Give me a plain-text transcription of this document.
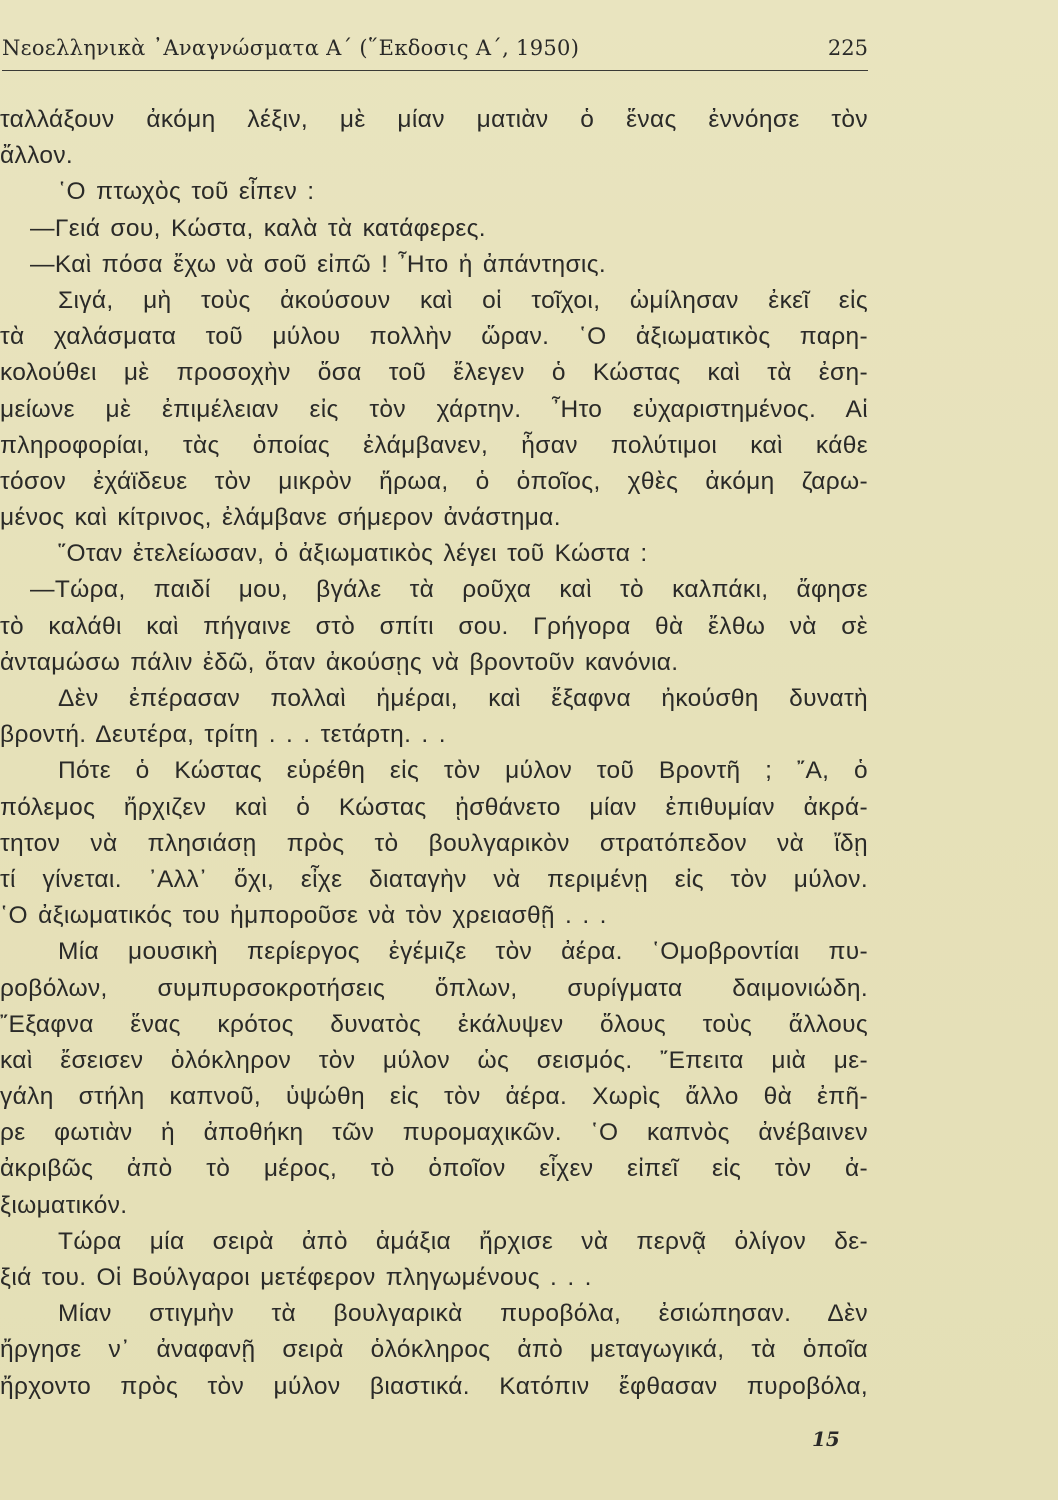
Νεοελληνικὰ ᾿Αναγνώσματα Α΄ (῞Εκδοσις Α΄, 1950)	225
ταλλάξουν ἀκόμη λέξιν, μὲ μίαν ματιὰν ὁ ἕνας ἐννόησε τὸν
ἄλλον.
῾Ο πτωχὸς τοῦ εἶπεν :
—Γειά σου, Κώστα, καλὰ τὰ κατάφερες.
—Καὶ πόσα ἔχω νὰ σοῦ εἰπῶ ! ῏Ητο ἡ ἀπάντησις.
Σιγά, μὴ τοὺς ἀκούσουν καὶ οἱ τοῖχοι, ὡμίλησαν ἐκεῖ εἰς
τὰ χαλάσματα τοῦ μύλου πολλὴν ὥραν. ῾Ο ἀξιωματικὸς παρη-
κολούθει μὲ προσοχὴν ὅσα τοῦ ἔλεγεν ὁ Κώστας καὶ τὰ ἐση-
μείωνε μὲ ἐπιμέλειαν εἰς τὸν χάρτην. ῏Ητο εὐχαριστημένος. Αἱ
πληροφορίαι, τὰς ὁποίας ἐλάμβανεν, ἦσαν πολύτιμοι καὶ κάθε
τόσον ἐχάϊδευε τὸν μικρὸν ἥρωα, ὁ ὁποῖος, χθὲς ἀκόμη ζαρω-
μένος καὶ κίτρινος, ἐλάμβανε σήμερον ἀνάστημα.
῞Οταν ἐτελείωσαν, ὁ ἀξιωματικὸς λέγει τοῦ Κώστα :
—Τώρα, παιδί μου, βγάλε τὰ ροῦχα καὶ τὸ καλπάκι, ἄφησε
τὸ καλάθι καὶ πήγαινε στὸ σπίτι σου. Γρήγορα θὰ ἔλθω νὰ σὲ
ἀνταμώσω πάλιν ἐδῶ, ὅταν ἀκούσῃς νὰ βροντοῦν κανόνια.
Δὲν ἐπέρασαν πολλαὶ ἡμέραι, καὶ ἔξαφνα ἠκούσθη δυνατὴ
βροντή. Δευτέρα, τρίτη . . . τετάρτη. . .
Πότε ὁ Κώστας εὑρέθη εἰς τὸν μύλον τοῦ Βροντῆ ; ῎Α, ὁ
πόλεμος ἤρχιζεν καὶ ὁ Κώστας ᾐσθάνετο μίαν ἐπιθυμίαν ἀκρά-
τητον νὰ πλησιάσῃ πρὸς τὸ βουλγαρικὸν στρατόπεδον νὰ ἴδῃ
τί γίνεται. ᾿Αλλ᾿ ὄχι, εἶχε διαταγὴν νὰ περιμένῃ εἰς τὸν μύλον.
῾Ο ἀξιωματικός του ἠμποροῦσε νὰ τὸν χρειασθῇ . . .
Μία μουσικὴ περίεργος ἐγέμιζε τὸν ἀέρα. ῾Ομοβροντίαι πυ-
ροβόλων, συμπυρσοκροτήσεις ὅπλων, συρίγματα δαιμονιώδη.
῎Εξαφνα ἕνας κρότος δυνατὸς ἐκάλυψεν ὅλους τοὺς ἄλλους
καὶ ἔσεισεν ὁλόκληρον τὸν μύλον ὡς σεισμός. ῎Επειτα μιὰ με-
γάλη στήλη καπνοῦ, ὑψώθη εἰς τὸν ἀέρα. Χωρὶς ἄλλο θὰ ἐπῆ-
ρε φωτιὰν ἡ ἀποθήκη τῶν πυρομαχικῶν. ῾Ο καπνὸς ἀνέβαινεν
ἀκριβῶς ἀπὸ τὸ μέρος, τὸ ὁποῖον εἶχεν εἰπεῖ εἰς τὸν ἀ-
ξιωματικόν.
Τώρα μία σειρὰ ἀπὸ ἁμάξια ἤρχισε νὰ περνᾷ ὀλίγον δε-
ξιά του. Οἱ Βούλγαροι μετέφερον πληγωμένους . . .
Μίαν στιγμὴν τὰ βουλγαρικὰ πυροβόλα, ἐσιώπησαν. Δὲν
ἤργησε ν᾿ ἀναφανῇ σειρὰ ὁλόκληρος ἀπὸ μεταγωγικά, τὰ ὁποῖα
ἤρχοντο πρὸς τὸν μύλον βιαστικά. Κατόπιν ἔφθασαν πυροβόλα,
15
